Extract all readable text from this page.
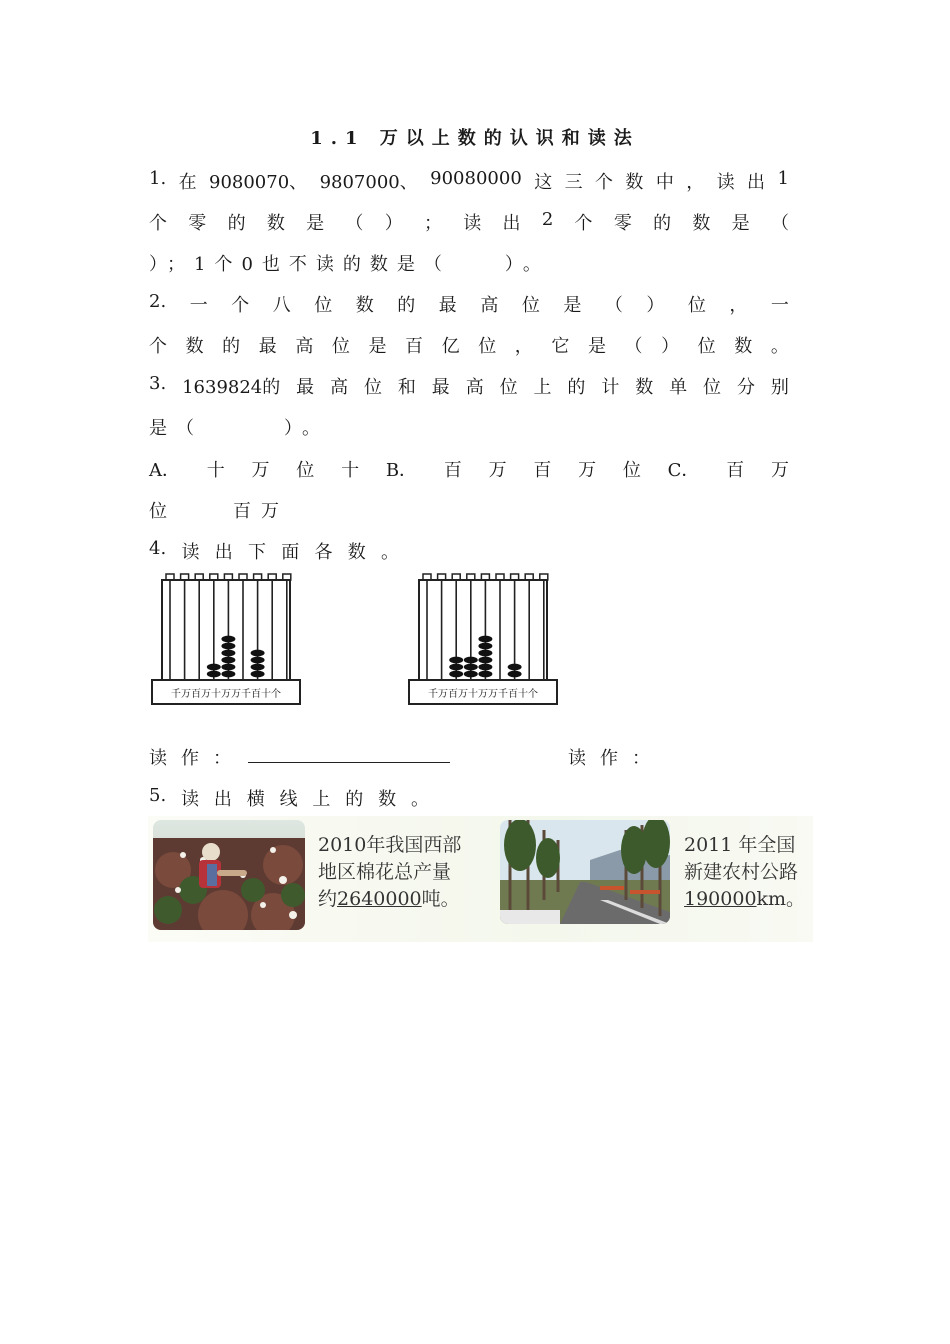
1.1 万以上数的认识和读法
1. 在 9080070、 9807000、 90080000 这 三 个 数 中 ， 读 出 1
个 零 的 数 是 （ ） ； 读 出 2 个 零 的 数 是 （
）；1个0也不读的数是（　　）。
2. 一 个 八 位 数 的 最 高 位 是 （ ） 位 ， 一
个 数 的 最 高 位 是 百 亿 位 ， 它 是 （ ） 位 数 。
3. 1639824的 最 高 位 和 最 高 位 上 的 计 数 单 位 分 别
是（　　　）。
A． 十 万 位 十 B． 百 万 百 万 位 C． 百 万
位　　百万
4. 读 出 下 面 各 数 。
千万百万十万万千百十个	千万百万十万万千百十个
读作：	读作：
5. 读 出 横 线 上 的 数 。
2010年我国西部
地区棉花总产量
约2640000吨。
2011 年全国
新建农村公路
190000km。
